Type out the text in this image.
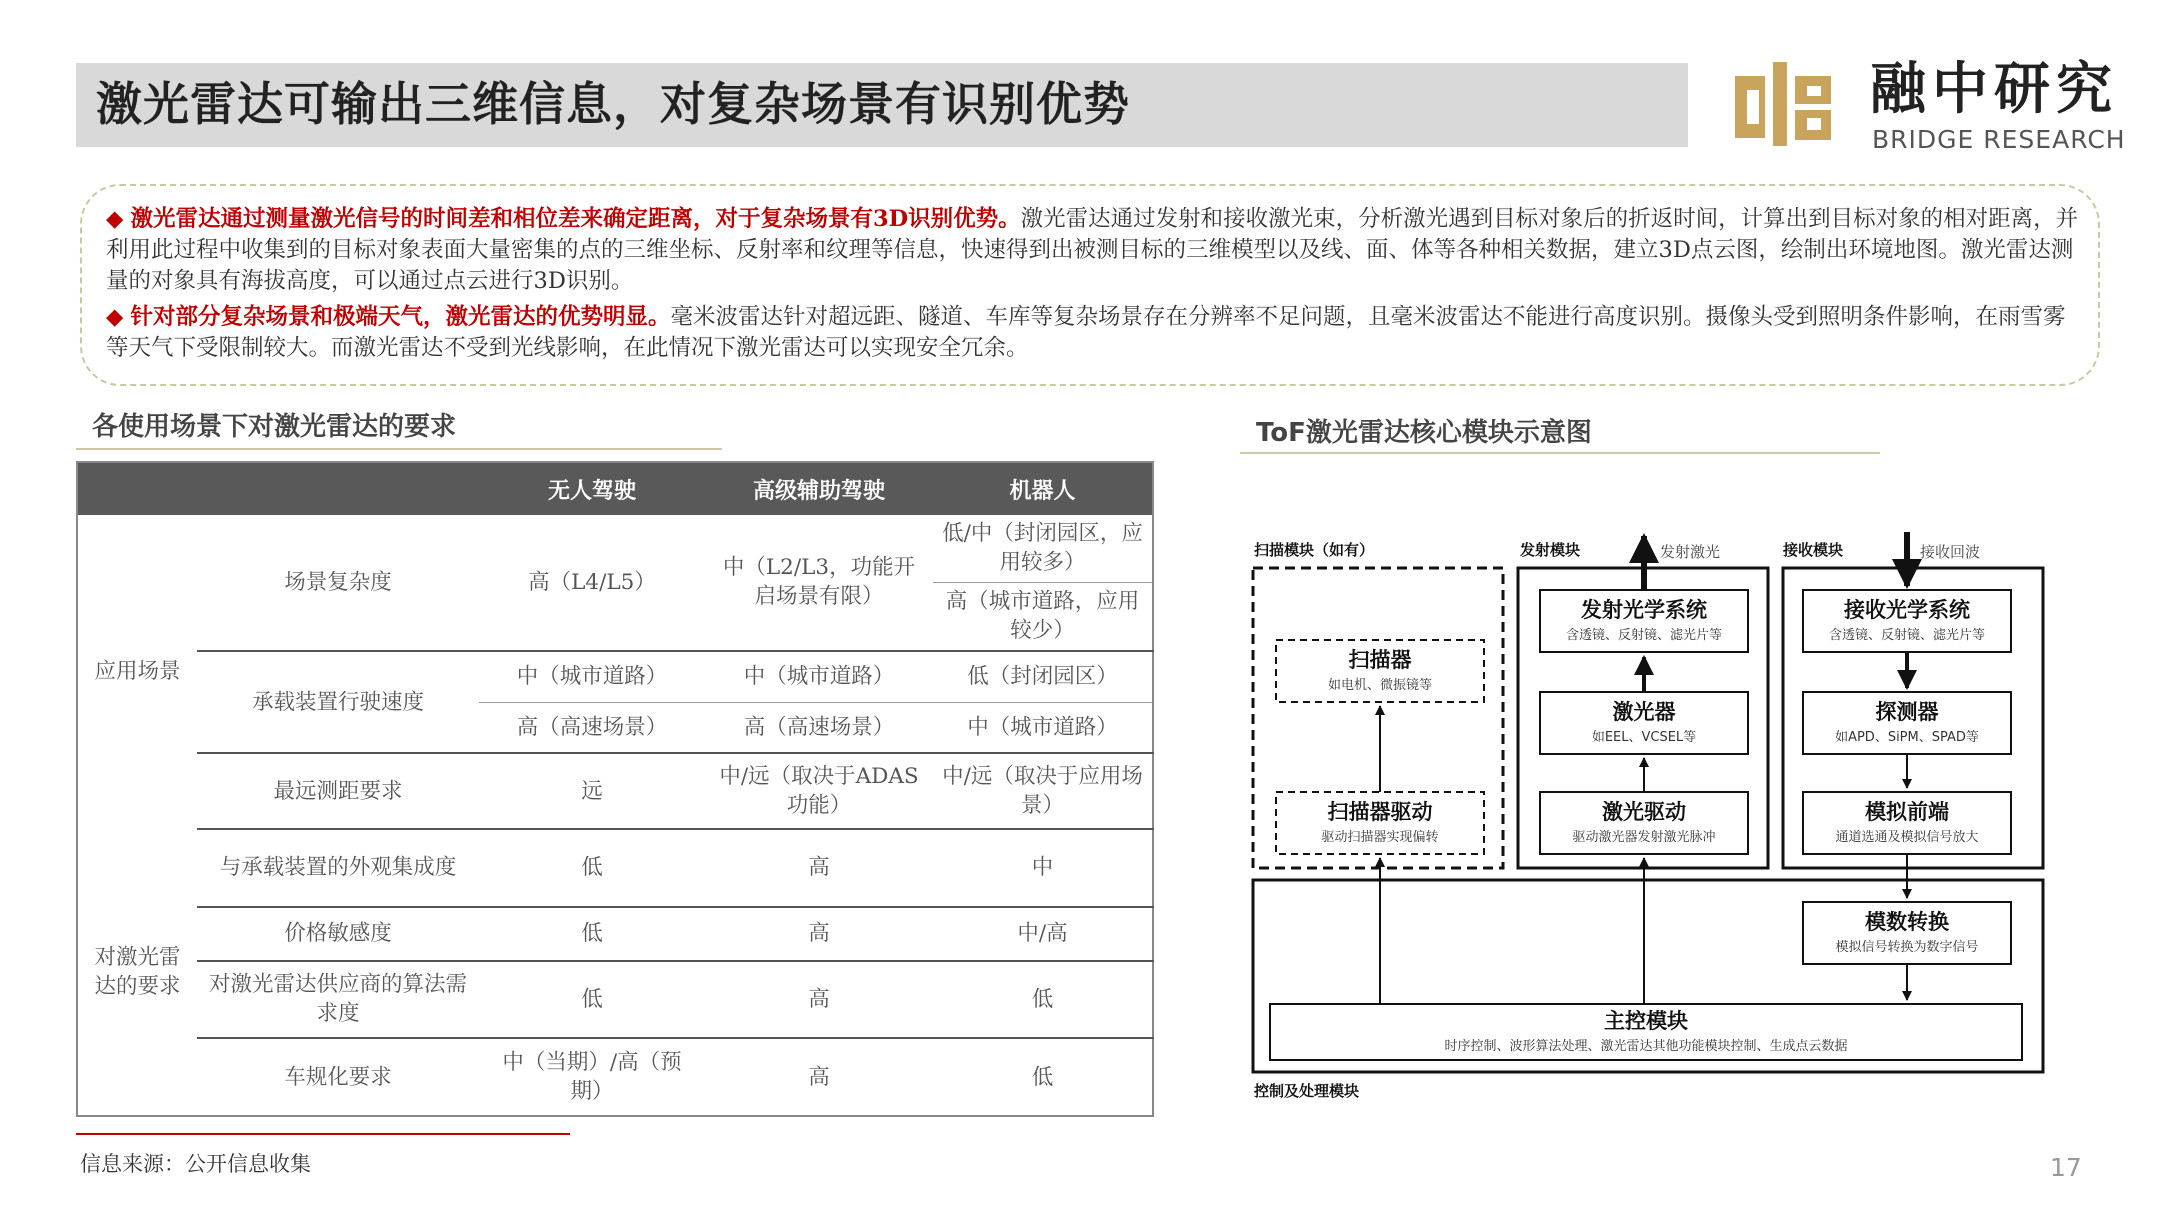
激光雷达可输出三维信息，对复杂场景有识别优势	融中研究
BRIDGE RESEARCH
◆ 激光雷达通过测量激光信号的时间差和相位差来确定距离，对于复杂场景有3D识别优势。激光雷达通过发射和接收激光束，分析激光遇到目标对象后的折返时间，计算出到目标对象的相对距离，并利用此过程中收集到的目标对象表面大量密集的点的三维坐标、反射率和纹理等信息，快速得到出被测目标的三维模型以及线、面、体等各种相关数据，建立3D点云图，绘制出环境地图。激光雷达测量的对象具有海拔高度，可以通过点云进行3D识别。
◆ 针对部分复杂场景和极端天气，激光雷达的优势明显。毫米波雷达针对超远距、隧道、车库等复杂场景存在分辨率不足问题，且毫米波雷达不能进行高度识别。摄像头受到照明条件影响，在雨雪雾等天气下受限制较大。而激光雷达不受到光线影响，在此情况下激光雷达可以实现安全冗余。
各使用场景下对激光雷达的要求
		无人驾驶	高级辅助驾驶	机器人
应用场景	场景复杂度	高（L4/L5）	中（L2/L3，功能开启场景有限）	低/中（封闭园区，应用较多）
				高（城市道路，应用较少）
	承载装置行驶速度	中（城市道路）	中（城市道路）	低（封闭园区）
		高（高速场景）	高（高速场景）	中（城市道路）
	最远测距要求	远	中/远（取决于ADAS功能）	中/远（取决于应用场景）
对激光雷达的要求	与承载装置的外观集成度	低	高	中
	价格敏感度	低	高	中/高
	对激光雷达供应商的算法需求度	低	高	低
	车规化要求	中（当期）/高（预期）	高	低
ToF激光雷达核心模块示意图
扫描模块（如有）	发射模块	接收模块
发射激光	接收回波
扫描器
如电机、微振镜等
扫描器驱动
驱动扫描器实现偏转
发射光学系统
含透镜、反射镜、滤光片等
激光器
如EEL、VCSEL等
激光驱动
驱动激光器发射激光脉冲
接收光学系统
含透镜、反射镜、滤光片等
探测器
如APD、SiPM、SPAD等
模拟前端
通道选通及模拟信号放大
模数转换
模拟信号转换为数字信号
主控模块
时序控制、波形算法处理、激光雷达其他功能模块控制、生成点云数据
控制及处理模块
信息来源：公开信息收集	17
